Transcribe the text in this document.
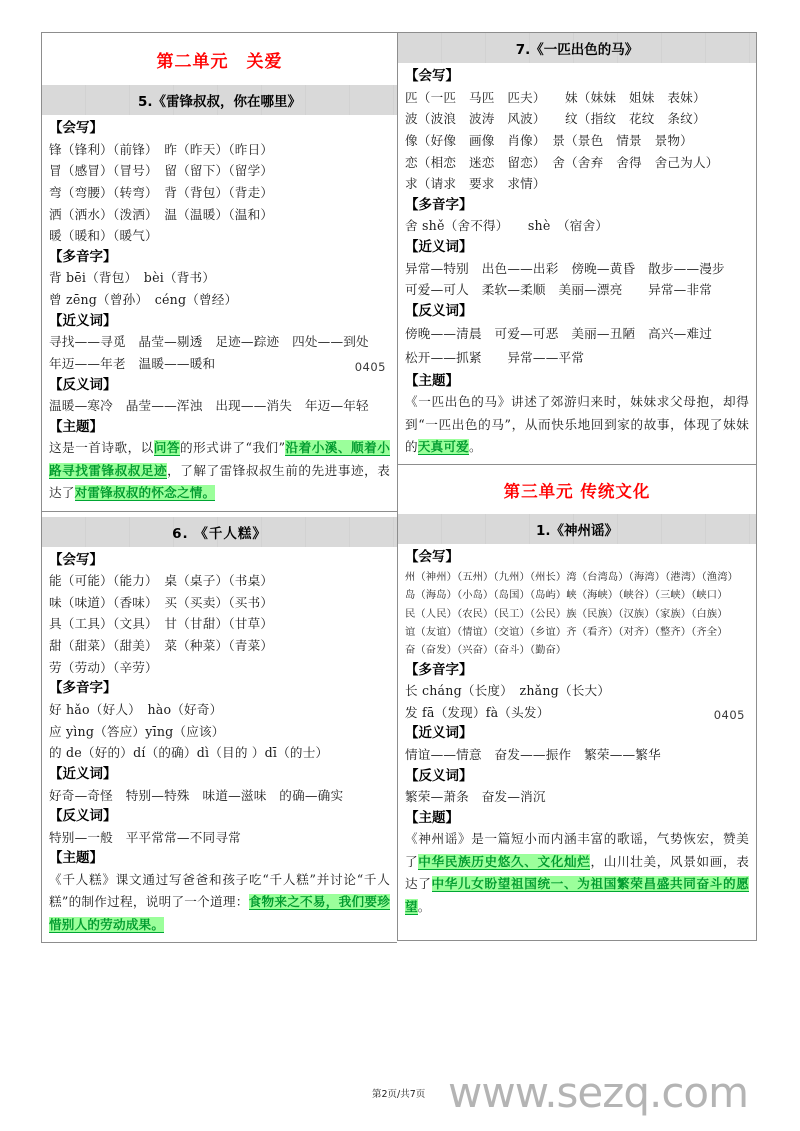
第二单元　关爱
5.《雷锋叔叔，你在哪里》
【会写】
锋（锋利）（前锋）　昨（昨天）（昨日）
冒（感冒）（冒号）　留（留下）（留学）
弯（弯腰）（转弯）　背（背包）（背走）
洒（洒水）（泼洒）　温（温暖）（温和）
暖（暖和）（暖气）
【多音字】
背 bēi（背包）　bèi（背书）
曾 zēng（曾孙）　céng（曾经）
【近义词】
寻找——寻觅　晶莹—剔透　足迹—踪迹　四处——到处
年迈——年老　温暖——暖和	0405
【反义词】
温暖—寒冷　晶莹——浑浊　出现——消失　年迈—年轻
【主题】
这是一首诗歌，以问答的形式讲了“我们”沿着小溪、顺着小路寻找雷锋叔叔足迹，了解了雷锋叔叔生前的先进事迹，表达了对雷锋叔叔的怀念之情。
6. 《千人糕》
【会写】
能（可能）（能力）　桌（桌子）（书桌）
味（味道）（香味）　买（买卖）（买书）
具（工具）（文具）　甘（甘甜）（甘草）
甜（甜菜）（甜美）　菜（种菜）（青菜）
劳（劳动）（辛劳）
【多音字】
好 hǎo（好人）　hào（好奇）
应 yìng（答应）yīng（应该）
的 de（好的）dí（的确）dì（目的 ）dī（的士）
【近义词】
好奇—奇怪　特别—特殊　味道—滋味　的确—确实
【反义词】
特别—一般　平平常常—不同寻常
【主题】
《千人糕》课文通过写爸爸和孩子吃“千人糕”并讨论“千人糕”的制作过程，说明了一个道理：食物来之不易，我们要珍惜别人的劳动成果。
7.《一匹出色的马》
【会写】
匹（一匹　马匹　匹夫）　　妹（妹妹　姐妹　表妹）
波（波浪　波涛　风波）　　纹（指纹　花纹　条纹）
像（好像　画像　肖像）　景（景色　情景　景物）
恋（相恋　迷恋　留恋）　舍（舍弃　舍得　舍己为人）
求（请求　要求　求情）
【多音字】
舍 shě（舍不得）　　shè　（宿舍）
【近义词】
异常—特别　出色——出彩　傍晚—黄昏　散步——漫步
可爱—可人　柔软—柔顺　美丽—漂亮　　异常—非常
【反义词】
傍晚——清晨　可爱—可恶　美丽—丑陋　高兴—难过
松开——抓紧　　异常——平常
【主题】
《一匹出色的马》讲述了郊游归来时，妹妹求父母抱，却得到“一匹出色的马”，从而快乐地回到家的故事，体现了妹妹的天真可爱。
第三单元 传统文化
1.《神州谣》
【会写】
州（神州）（五州）（九州）（州长）湾（台湾岛）（海湾）（港湾）（渔湾）
岛（海岛）（小岛）（岛国）（岛屿）峡（海峡）（峡谷）（三峡）（峡口）
民（人民）（农民）（民工）（公民）族（民族）（汉族）（家族）（白族）
谊（友谊）（情谊）（交谊）（乡谊）齐（看齐）（对齐）（整齐）（齐全）
奋（奋发）（兴奋）（奋斗）（勤奋）
【多音字】
长 cháng（长度）　zhǎng（长大）
发 fā（发现）fà（头发）	0405
【近义词】
情谊——情意　奋发——振作　繁荣——繁华
【反义词】
繁荣—萧条　奋发—消沉
【主题】
《神州谣》是一篇短小而内涵丰富的歌谣，气势恢宏，赞美了中华民族历史悠久、文化灿烂，山川壮美，风景如画，表达了中华儿女盼望祖国统一、为祖国繁荣昌盛共同奋斗的愿望。
第2页/共7页 www.sezq.com
